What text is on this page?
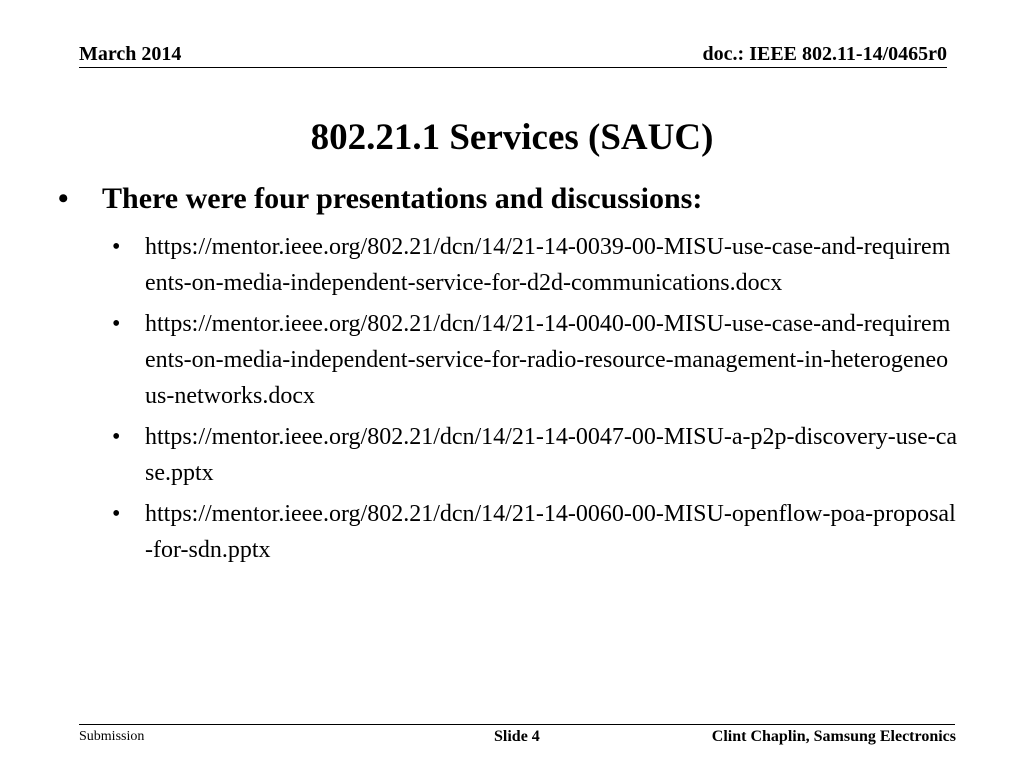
March 2014	doc.: IEEE 802.11-14/0465r0
802.21.1 Services (SAUC)
• There were four presentations and discussions:
• https://mentor.ieee.org/802.21/dcn/14/21-14-0039-00-MISU-use-case-and-requirements-on-media-independent-service-for-d2d-communications.docx
• https://mentor.ieee.org/802.21/dcn/14/21-14-0040-00-MISU-use-case-and-requirements-on-media-independent-service-for-radio-resource-management-in-heterogeneous-networks.docx
• https://mentor.ieee.org/802.21/dcn/14/21-14-0047-00-MISU-a-p2p-discovery-use-case.pptx
• https://mentor.ieee.org/802.21/dcn/14/21-14-0060-00-MISU-openflow-poa-proposal-for-sdn.pptx
Submission	Slide 4	Clint Chaplin, Samsung Electronics
